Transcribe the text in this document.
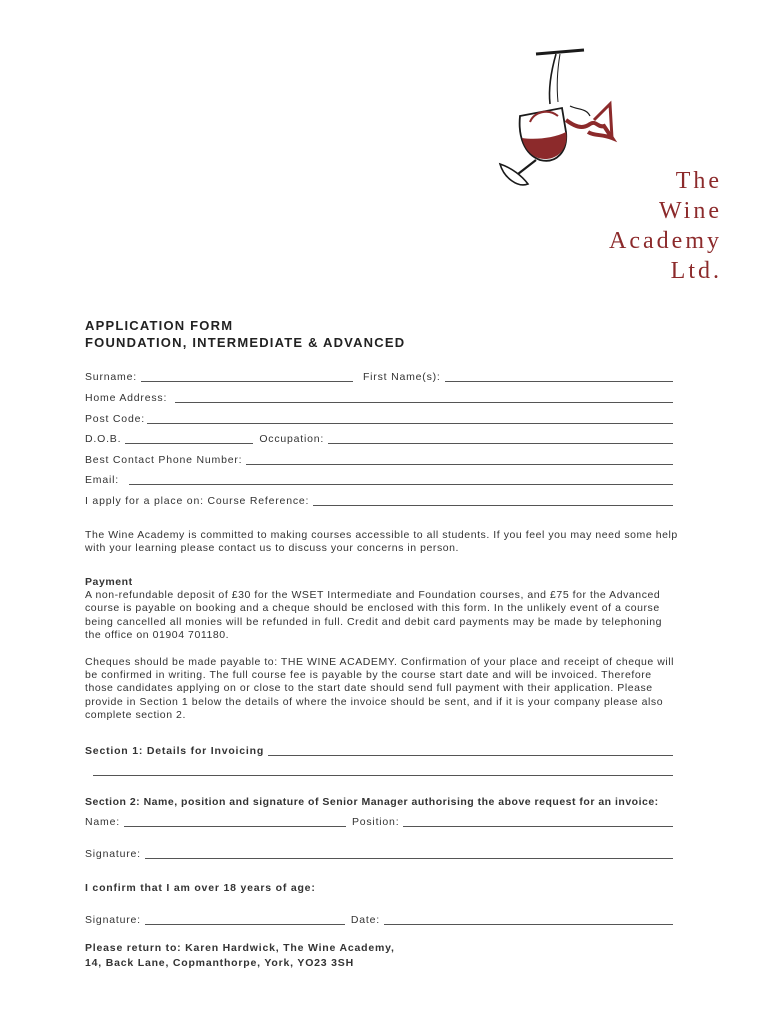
The
Wine
Academy
Ltd.
APPLICATION FORM
FOUNDATION, INTERMEDIATE & ADVANCED
Surname:	First Name(s):
Home Address:
Post Code:
D.O.B.	Occupation:
Best Contact Phone Number:
Email:
I apply for a place on: Course Reference:

The Wine Academy is committed to making courses accessible to all students. If you feel you may need some help with your learning please contact us to discuss your concerns in person.

Payment

A non-refundable deposit of £30 for the WSET Intermediate and Foundation courses, and £75 for the Advanced course is payable on booking and a cheque should be enclosed with this form. In the unlikely event of a course being cancelled all monies will be refunded in full. Credit and debit card payments may be made by telephoning the office on 01904 701180.

Cheques should be made payable to: THE WINE ACADEMY. Confirmation of your place and receipt of cheque will be confirmed in writing. The full course fee is payable by the course start date and will be invoiced. Therefore those candidates applying on or close to the start date should send full payment with their application. Please provide in Section 1 below the details of where the invoice should be sent, and if it is your company please also complete section 2.

Section 1: Details for Invoicing
Section 2: Name, position and signature of Senior Manager authorising the above request for an invoice:
Name:	Position:
Signature:
I confirm that I am over 18 years of age:
Signature:	Date:

Please return to: Karen Hardwick, The Wine Academy,

14, Back Lane, Copmanthorpe, York, YO23 3SH
